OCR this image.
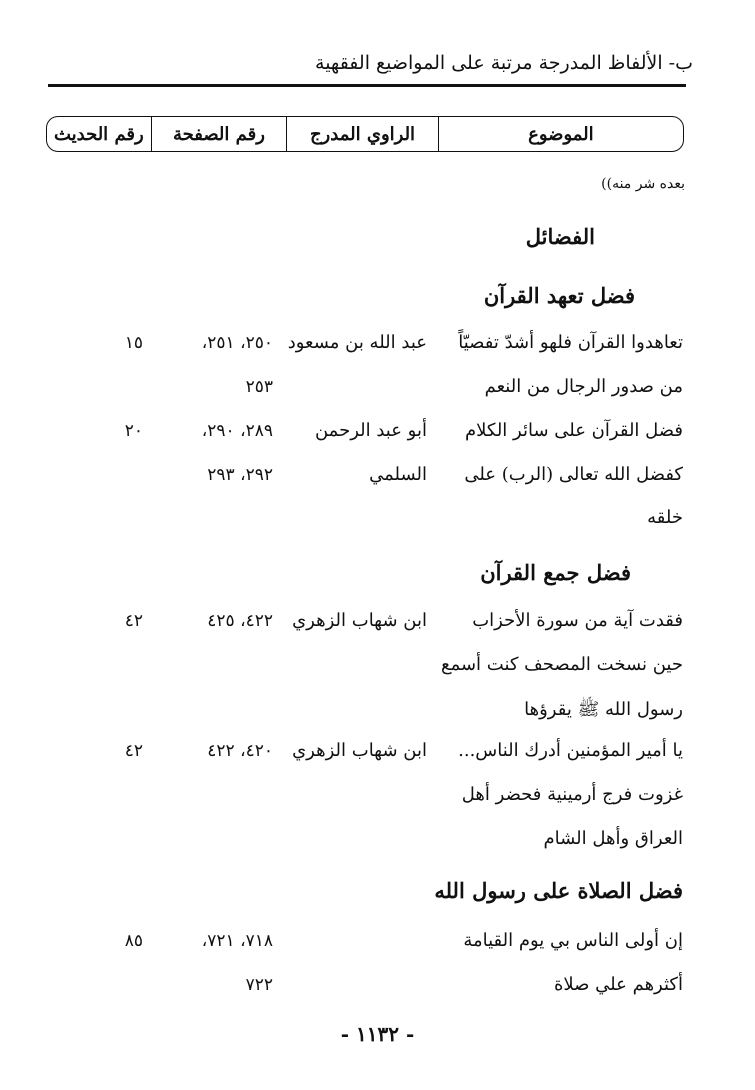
ب- الألفاظ المدرجة مرتبة على المواضيع الفقهية
الموضوع
الراوي المدرج
رقم الصفحة
رقم الحديث
بعده شر منه))
الفضائل
فضل تعهد القرآن
تعاهدوا القرآن فلهو أشدّ تفصيّاً
من صدور الرجال من النعم
عبد الله بن مسعود
٢٥٠، ٢٥١،
٢٥٣
١٥
فضل القرآن على سائر الكلام
كفضل الله تعالى (الرب) على
خلقه
أبو عبد الرحمن
السلمي
٢٨٩، ٢٩٠،
٢٩٢، ٢٩٣
٢٠
فضل جمع القرآن
فقدت آية من سورة الأحزاب
حين نسخت المصحف كنت أسمع
رسول الله ﷺ يقرؤها
ابن شهاب الزهري
٤٢٢، ٤٢٥
٤٢
يا أمير المؤمنين أدرك الناس...
غزوت فرج أرمينية فحضر أهل
العراق وأهل الشام
ابن شهاب الزهري
٤٢٠، ٤٢٢
٤٢
فضل الصلاة على رسول الله
إن أولى الناس بي يوم القيامة
أكثرهم علي صلاة
٧١٨، ٧٢١،
٧٢٢
٨٥
- ١١٣٢ -
